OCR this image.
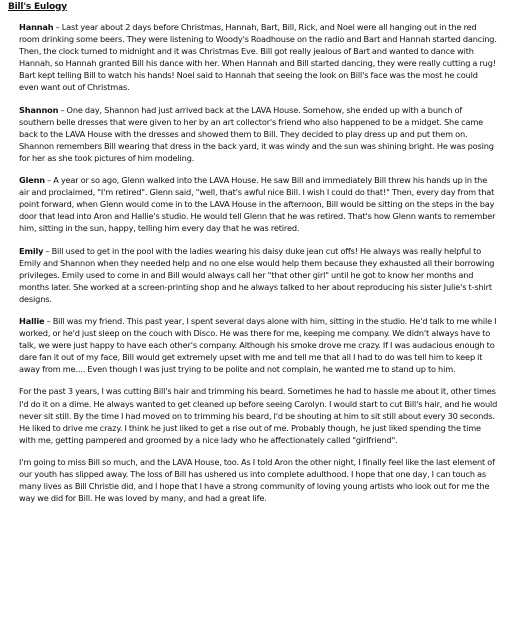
Bill's Eulogy

Hannah – Last year about 2 days before Christmas, Hannah, Bart, Bill, Rick, and Noel were all hanging out in the red room drinking some beers. They were listening to Woody's Roadhouse on the radio and Bart and Hannah started dancing. Then, the clock turned to midnight and it was Christmas Eve. Bill got really jealous of Bart and wanted to dance with Hannah, so Hannah granted Bill his dance with her. When Hannah and Bill started dancing, they were really cutting a rug! Bart kept telling Bill to watch his hands! Noel said to Hannah that seeing the look on Bill's face was the most he could even want out of Christmas.

Shannon – One day, Shannon had just arrived back at the LAVA House. Somehow, she ended up with a bunch of southern belle dresses that were given to her by an art collector's friend who also happened to be a midget. She came back to the LAVA House with the dresses and showed them to Bill. They decided to play dress up and put them on. Shannon remembers Bill wearing that dress in the back yard, it was windy and the sun was shining bright. He was posing for her as she took pictures of him modeling.

Glenn – A year or so ago, Glenn walked into the LAVA House. He saw Bill and immediately Bill threw his hands up in the air and proclaimed, "I'm retired". Glenn said, "well, that's awful nice Bill. I wish I could do that!" Then, every day from that point forward, when Glenn would come in to the LAVA House in the afternoon, Bill would be sitting on the steps in the bay door that lead into Aron and Hallie's studio. He would tell Glenn that he was retired. That's how Glenn wants to remember him, sitting in the sun, happy, telling him every day that he was retired.

Emily – Bill used to get in the pool with the ladies wearing his daisy duke jean cut offs! He always was really helpful to Emily and Shannon when they needed help and no one else would help them because they exhausted all their borrowing privileges. Emily used to come in and Bill would always call her "that other girl" until he got to know her months and months later. She worked at a screen-printing shop and he always talked to her about reproducing his sister Julie's t-shirt designs.

Hallie – Bill was my friend. This past year, I spent several days alone with him, sitting in the studio. He'd talk to me while I worked, or he'd just sleep on the couch with Disco. He was there for me, keeping me company. We didn't always have to talk, we were just happy to have each other's company. Although his smoke drove me crazy. If I was audacious enough to dare fan it out of my face, Bill would get extremely upset with me and tell me that all I had to do was tell him to keep it away from me.... Even though I was just trying to be polite and not complain, he wanted me to stand up to him.

For the past 3 years, I was cutting Bill's hair and trimming his beard. Sometimes he had to hassle me about it, other times I'd do it on a dime. He always wanted to get cleaned up before seeing Carolyn. I would start to cut Bill's hair, and he would never sit still. By the time I had moved on to trimming his beard, I'd be shouting at him to sit still about every 30 seconds. He liked to drive me crazy. I think he just liked to get a rise out of me. Probably though, he just liked spending the time with me, getting pampered and groomed by a nice lady who he affectionately called "girlfriend".

I'm going to miss Bill so much, and the LAVA House, too. As I told Aron the other night, I finally feel like the last element of our youth has slipped away. The loss of Bill has ushered us into complete adulthood. I hope that one day, I can touch as many lives as Bill Christie did, and I hope that I have a strong community of loving young artists who look out for me the way we did for Bill. He was loved by many, and had a great life.
